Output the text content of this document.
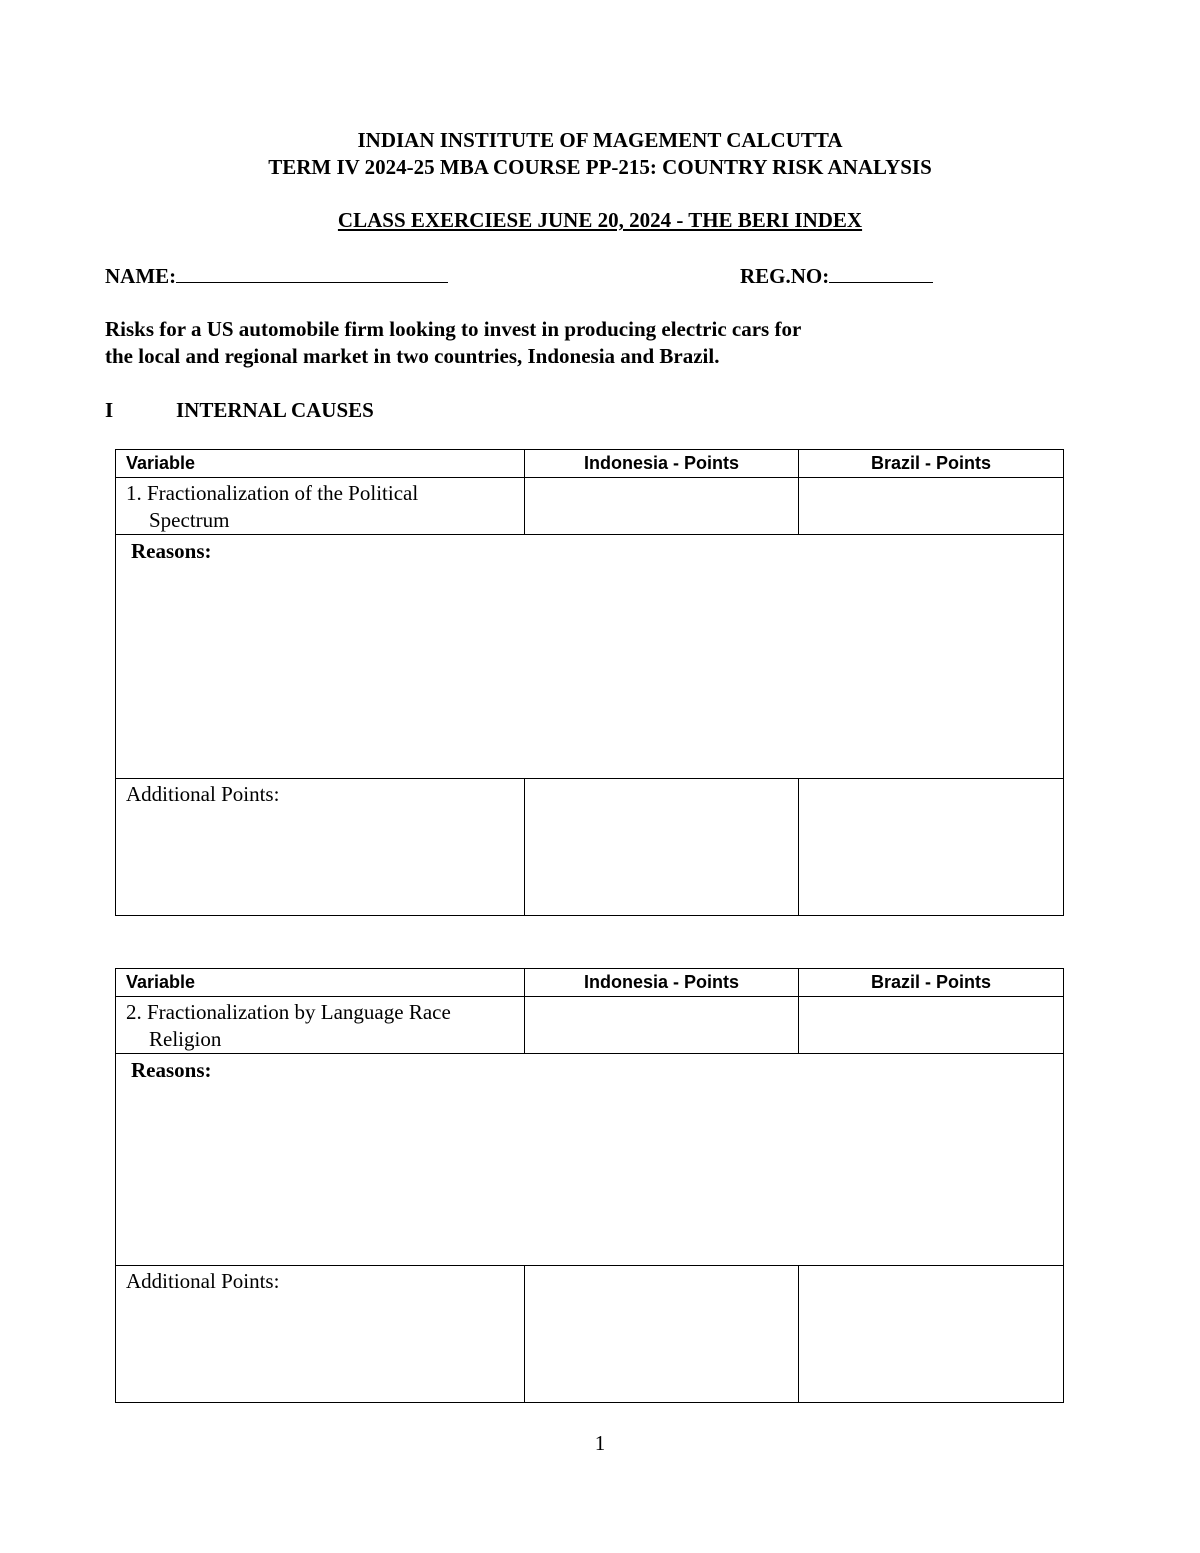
INDIAN INSTITUTE OF MAGEMENT CALCUTTA
TERM IV 2024-25 MBA COURSE PP-215: COUNTRY RISK ANALYSIS
CLASS EXERCIESE JUNE 20, 2024 - THE BERI INDEX
NAME:	REG.NO:
Risks for a US automobile firm looking to invest in producing electric cars for
the local and regional market in two countries, Indonesia and Brazil.
I	INTERNAL CAUSES
Variable	Indonesia - Points	Brazil - Points
1. Fractionalization of the Political
Spectrum		

Reasons:		
Additional Points:		
Variable	Indonesia - Points	Brazil - Points
2. Fractionalization by Language Race
Religion		

Reasons:		
Additional Points:		
1
